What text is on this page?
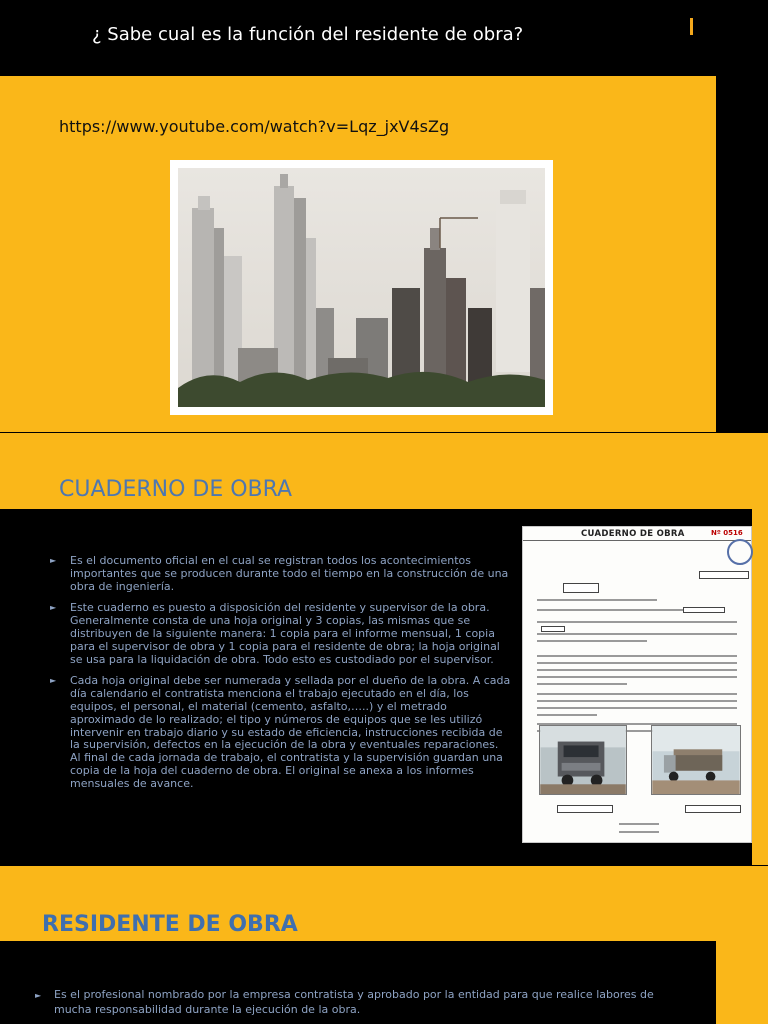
¿ Sabe cual es la función del residente de obra?
https://www.youtube.com/watch?v=Lqz_jxV4sZg
CUADERNO DE OBRA
► Es el documento oficial en el cual se registran todos los acontecimientos importantes que se producen durante todo el tiempo en la construcción de una obra de ingeniería.
► Este cuaderno es puesto a disposición del residente y supervisor de la obra. Generalmente consta de una hoja original y 3 copias, las mismas que se distribuyen de la siguiente manera: 1 copia para el informe mensual, 1 copia para el supervisor de obra y 1 copia para el residente de obra; la hoja original se usa para la liquidación de obra. Todo esto es custodiado por el supervisor.
► Cada hoja original debe ser numerada y sellada por el dueño de la obra. A cada día calendario el contratista menciona el trabajo ejecutado en el día, los equipos, el personal, el material (cemento, asfalto,…..) y el metrado aproximado de lo realizado; el tipo y números de equipos que se les utilizó intervenir en trabajo diario y su estado de eficiencia, instrucciones recibida de la supervisión, defectos en la ejecución de la obra y eventuales reparaciones. Al final de cada jornada de trabajo, el contratista y la supervisión guardan una copia de la hoja del cuaderno de obra. El original se anexa a los informes mensuales de avance.
CUADERNO DE OBRA	Nº 0516
RESIDENTE DE OBRA
► Es el profesional nombrado por la empresa contratista y aprobado por la entidad para que realice labores de mucha responsabilidad durante la ejecución de la obra.
